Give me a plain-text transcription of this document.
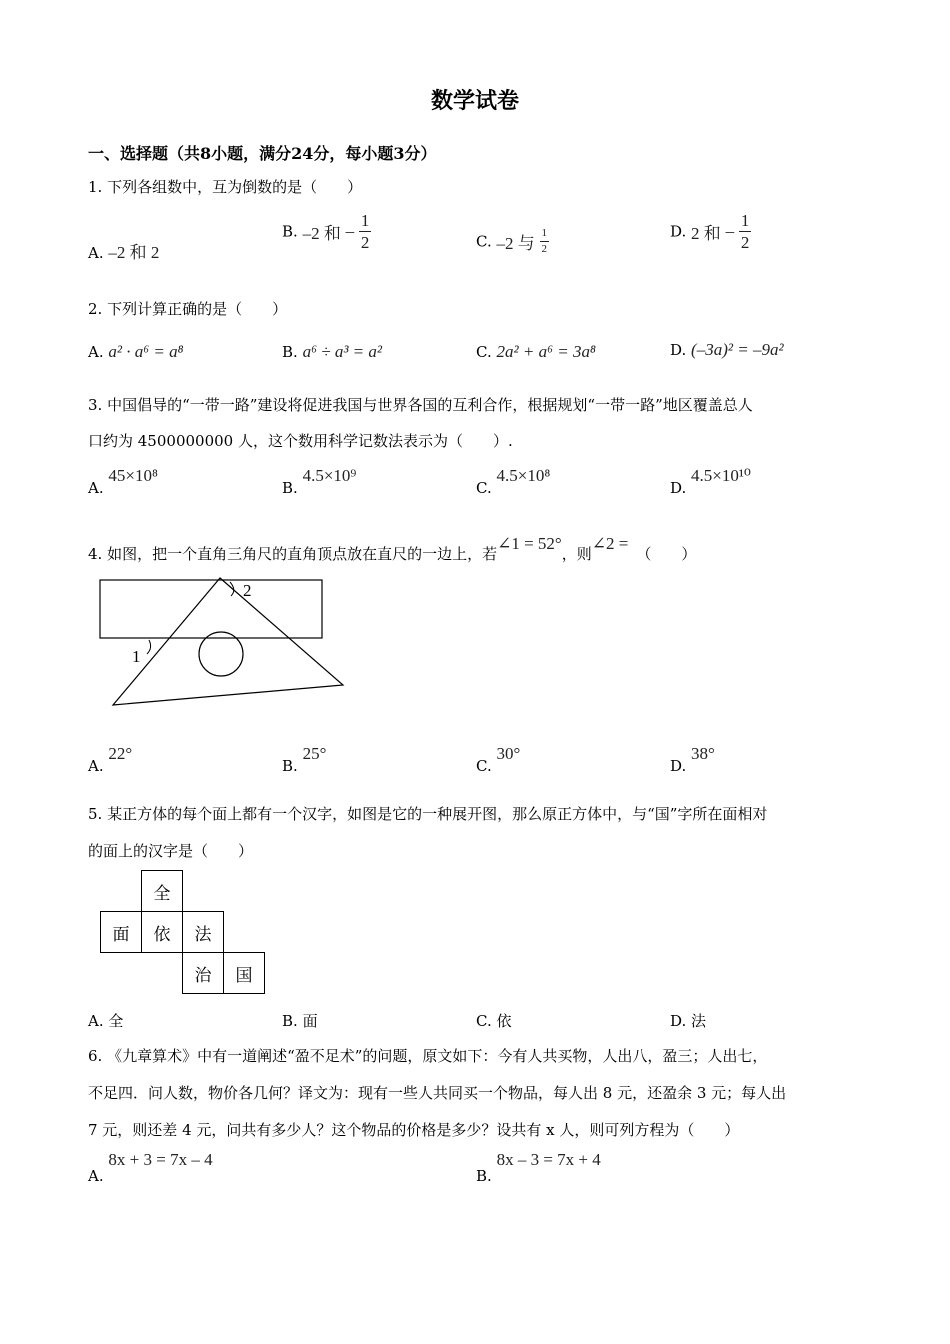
数学试卷
一、选择题（共8小题，满分24分，每小题3分）
1. 下列各组数中，互为倒数的是（　　）
A. –2 和 2
B. –2 和 – $\frac{1}{2}$	C. –2 与 $\frac{1}{2}$	D. 2 和 – $\frac{1}{2}$
2. 下列计算正确的是（　　）
A. a² · a⁶ = a⁸	B. a⁶ ÷ a³ = a²	C. 2a² + a⁶ = 3a⁸	D. (–3a)² = –9a²
3. 中国倡导的“一带一路”建设将促进我国与世界各国的互利合作，根据规划“一带一路”地区覆盖总人
口约为 4500000000 人，这个数用科学记数法表示为（　　）.
A. 45×10⁸
B. 4.5×10⁹
C. 4.5×10⁸
D. 4.5×10¹⁰
4. 如图，把一个直角三角尺的直角顶点放在直尺的一边上，若∠1 = 52°，则∠2 =（　　）
2
1
A. 22°
B. 25°
C. 30°
D. 38°
5. 某正方体的每个面上都有一个汉字，如图是它的一种展开图，那么原正方体中，与“国”字所在面相对
的面上的汉字是（　　）
	全		
面	依	法	
		治	国
A. 全	B. 面	C. 依	D. 法
6. 《九章算术》中有一道阐述“盈不足术”的问题，原文如下：今有人共买物，人出八，盈三；人出七，
不足四．问人数，物价各几何？译文为：现有一些人共同买一个物品，每人出 8 元，还盈余 3 元；每人出
7 元，则还差 4 元，问共有多少人？这个物品的价格是多少？设共有 x 人，则可列方程为（　　）
A. 8x + 3 = 7x – 4
B. 8x – 3 = 7x + 4
